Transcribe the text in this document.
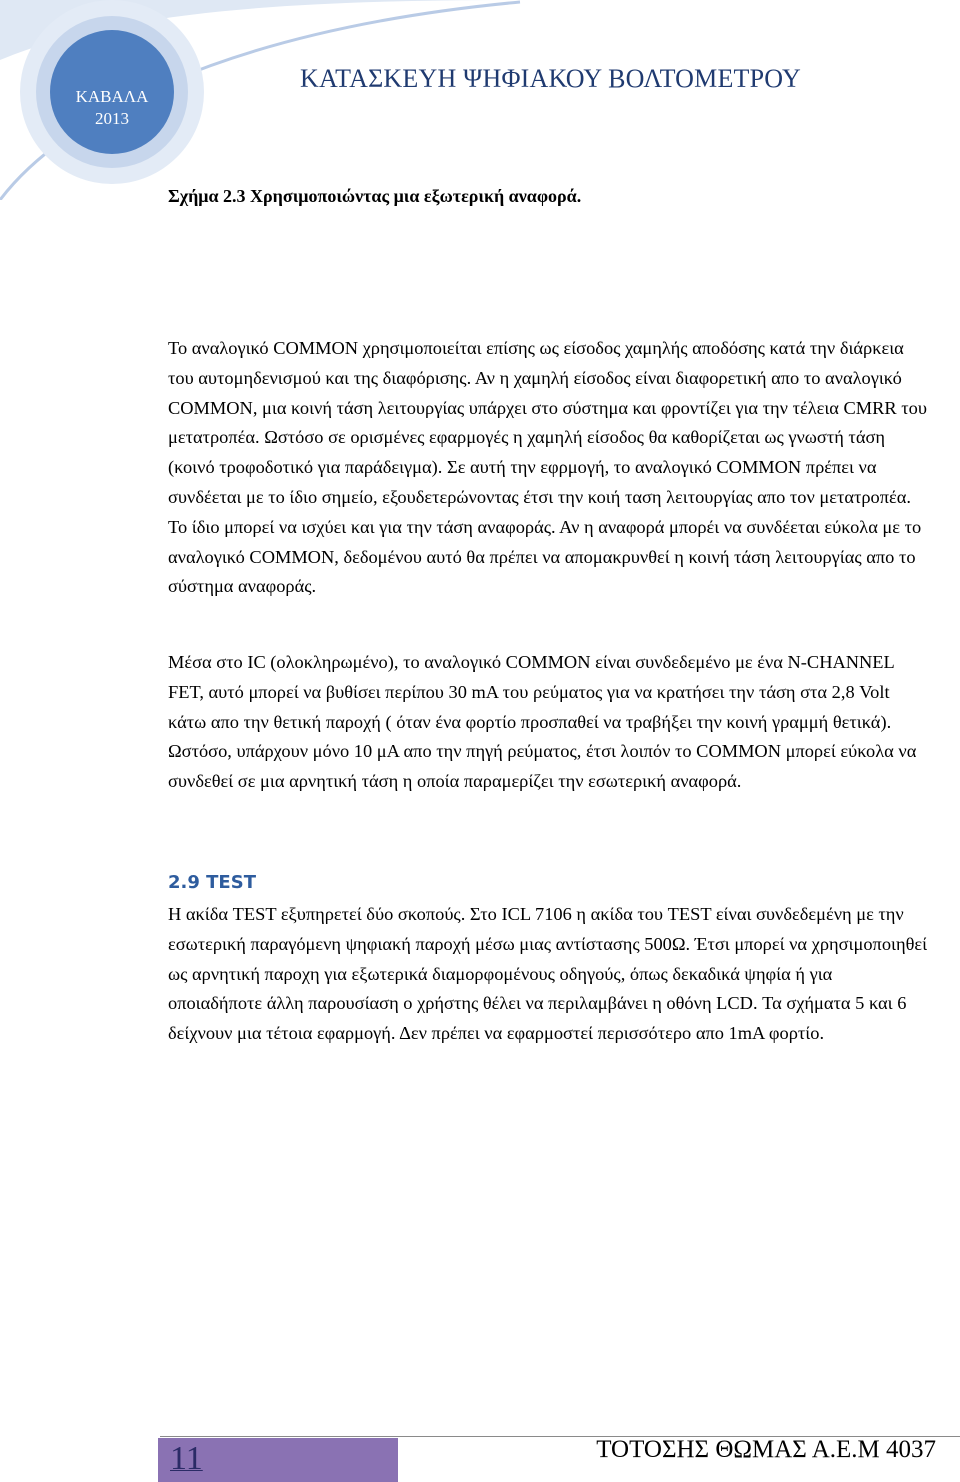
ΚΑΒΑΛΑ
2013
ΚΑΤΑΣΚΕΥΗ ΨΗΦΙΑΚΟΥ ΒΟΛΤΟΜΕΤΡΟΥ
Σχήμα 2.3 Χρησιμοποιώντας μια εξωτερική αναφορά.

Το αναλογικό COMMON χρησιμοποιείται επίσης ως είσοδος χαμηλής αποδόσης κατά την διάρκεια του αυτομηδενισμού και της διαφόρισης. Αν η χαμηλή είσοδος είναι διαφορετική απο το αναλογικό COMMON, μια κοινή τάση λειτουργίας υπάρχει στο σύστημα και φροντίζει για την τέλεια CMRR του μετατροπέα. Ωστόσο σε ορισμένες εφαρμογές η χαμηλή είσοδος θα καθορίζεται ως γνωστή τάση (κοινό τροφοδοτικό για παράδειγμα). Σε αυτή την εφρμογή, το αναλογικό COMMON πρέπει να συνδέεται με το ίδιο σημείο, εξουδετερώνοντας έτσι την κοιή ταση λειτουργίας απο τον μετατροπέα. Το ίδιο μπορεί να ισχύει και για την τάση αναφοράς. Αν η αναφορά μπορέι να συνδέεται εύκολα με το αναλογικό COMMON, δεδομένου αυτό θα πρέπει να απομακρυνθεί η κοινή τάση λειτουργίας απο το σύστημα αναφοράς.

Μέσα στο IC (ολοκληρωμένο), το αναλογικό COMMON είναι συνδεδεμένο με ένα N-CHANNEL FET, αυτό μπορεί να βυθίσει περίπου 30 mA του ρεύματος για να κρατήσει την τάση στα 2,8 Volt κάτω απο την θετική παροχή ( όταν ένα φορτίο προσπαθεί να τραβήξει την κοινή γραμμή θετικά). Ωστόσο, υπάρχουν μόνο 10 μΑ απο την πηγή ρεύματος, έτσι λοιπόν το COMMON μπορεί εύκολα να συνδεθεί σε μια αρνητική τάση η οποία παραμερίζει την εσωτερική αναφορά.

2.9 TEST

Η ακίδα TEST εξυπηρετεί δύο σκοπούς. Στο ICL 7106 η ακίδα του TEST είναι συνδεδεμένη με την εσωτερική παραγόμενη ψηφιακή παροχή μέσω μιας αντίστασης 500Ω. Έτσι μπορεί να χρησιμοποιηθεί ως αρνητική παροχη για εξωτερικά διαμορφομένους οδηγούς, όπως δεκαδικά ψηφία ή για οποιαδήποτε άλλη παρουσίαση ο χρήστης θέλει να περιλαμβάνει η οθόνη LCD. Τα σχήματα 5 και 6 δείχνουν μια τέτοια εφαρμογή. Δεν πρέπει να εφαρμοστεί περισσότερο απο 1mA φορτίο.

11	ΤΟΤΟΣΗΣ ΘΩΜΑΣ Α.Ε.Μ 4037
